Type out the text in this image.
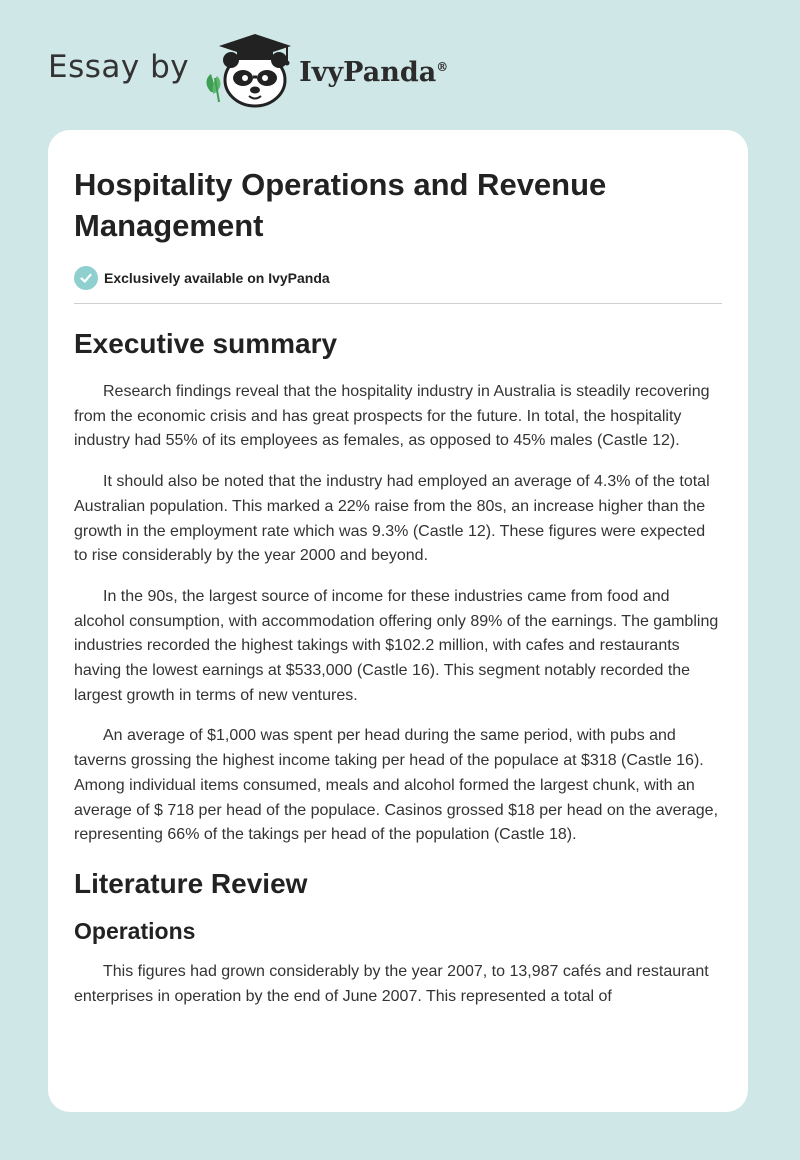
Essay by	IvyPanda®
Hospitality Operations and Revenue Management
Exclusively available on IvyPanda
Executive summary

Research findings reveal that the hospitality industry in Australia is steadily recovering from the economic crisis and has great prospects for the future. In total, the hospitality industry had 55% of its employees as females, as opposed to 45% males (Castle 12).

It should also be noted that the industry had employed an average of 4.3% of the total Australian population. This marked a 22% raise from the 80s, an increase higher than the growth in the employment rate which was 9.3% (Castle 12). These figures were expected to rise considerably by the year 2000 and beyond.

In the 90s, the largest source of income for these industries came from food and alcohol consumption, with accommodation offering only 89% of the earnings. The gambling industries recorded the highest takings with $102.2 million, with cafes and restaurants having the lowest earnings at $533,000 (Castle 16). This segment notably recorded the largest growth in terms of new ventures.

An average of $1,000 was spent per head during the same period, with pubs and taverns grossing the highest income taking per head of the populace at $318 (Castle 16). Among individual items consumed, meals and alcohol formed the largest chunk, with an average of $ 718 per head of the populace. Casinos grossed $18 per head on the average, representing 66% of the takings per head of the population (Castle 18).

Literature Review
Operations

This figures had grown considerably by the year 2007, to 13,987 cafés and restaurant enterprises in operation by the end of June 2007. This represented a total of
